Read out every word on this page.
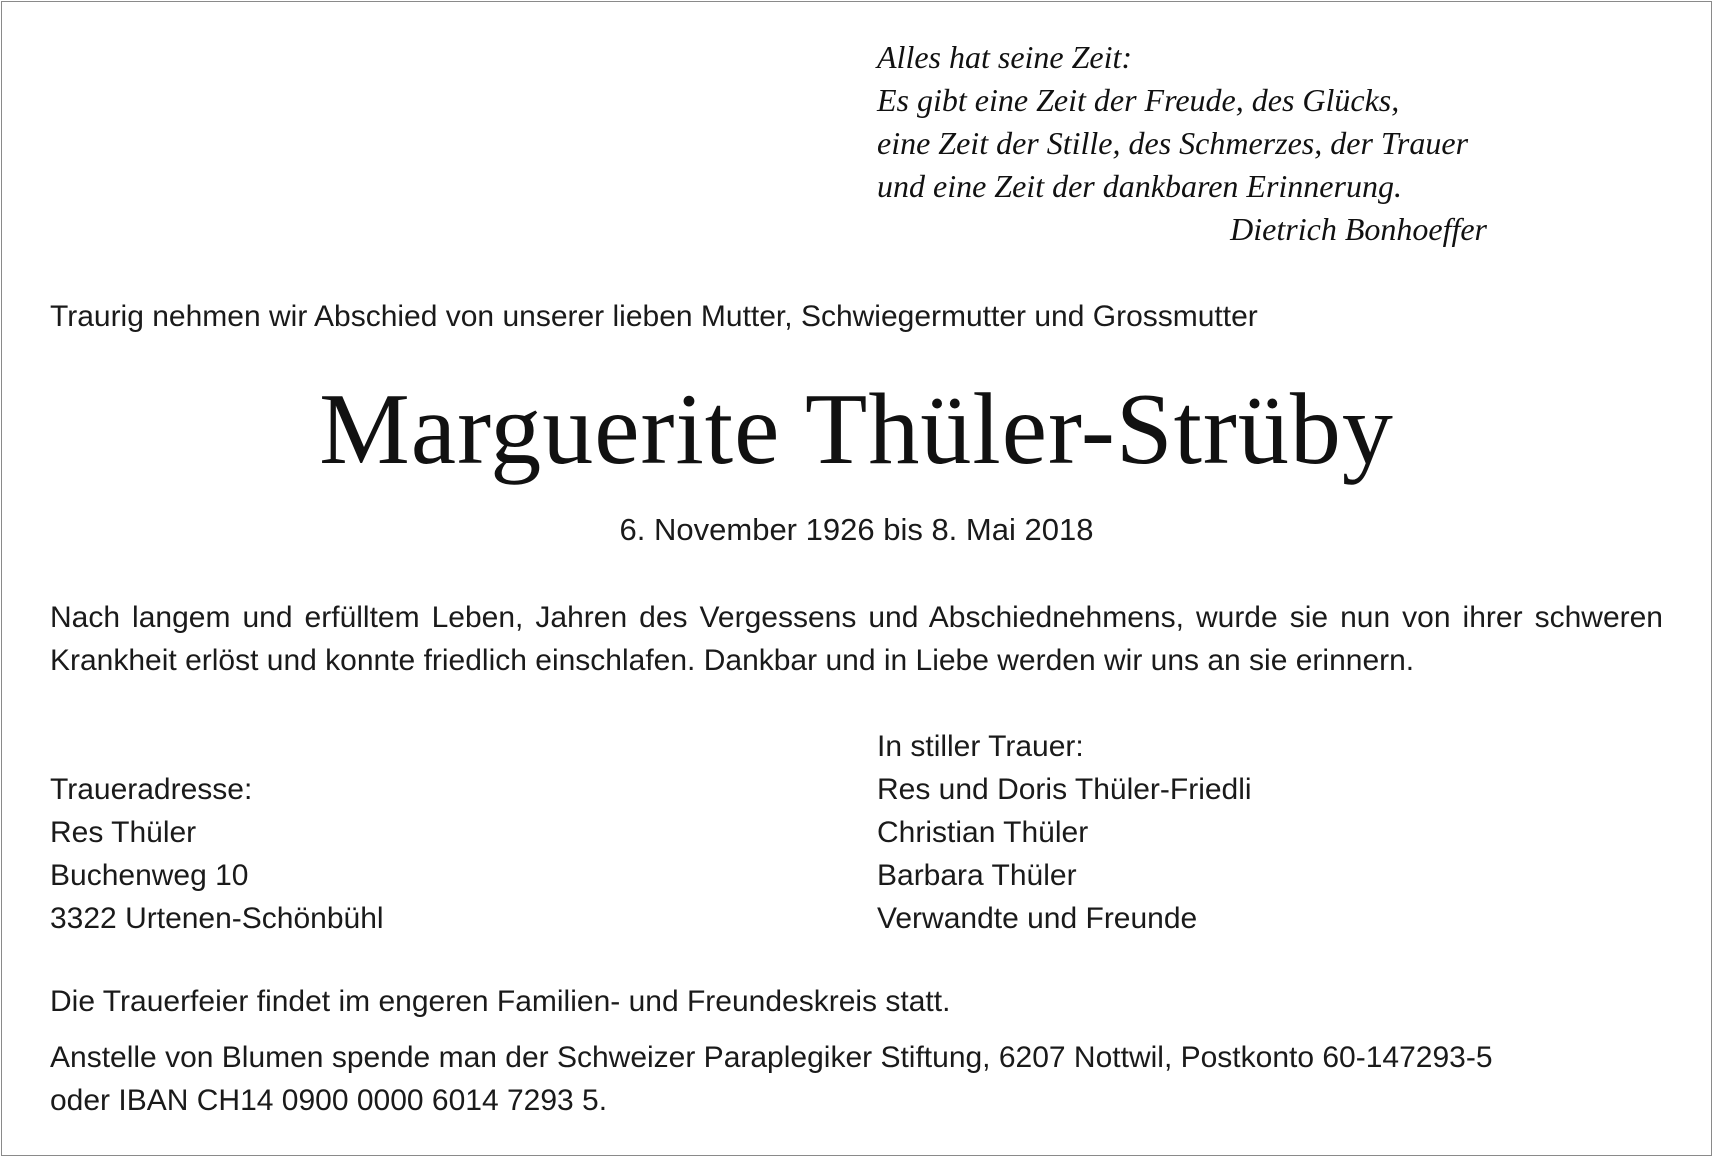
Alles hat seine Zeit:
Es gibt eine Zeit der Freude, des Glücks,
eine Zeit der Stille, des Schmerzes, der Trauer
und eine Zeit der dankbaren Erinnerung.
Dietrich Bonhoeffer
Traurig nehmen wir Abschied von unserer lieben Mutter, Schwiegermutter und Grossmutter
Marguerite Thüler-Strüby
6. November 1926 bis 8. Mai 2018
Nach langem und erfülltem Leben, Jahren des Vergessens und Abschiednehmens, wurde sie nun von ihrer schweren Krankheit erlöst und konnte friedlich einschlafen. Dankbar und in Liebe werden wir uns an sie erinnern.
In stiller Trauer:
Res und Doris Thüler-Friedli
Christian Thüler
Barbara Thüler
Verwandte und Freunde
Traueradresse:
Res Thüler
Buchenweg 10
3322 Urtenen-Schönbühl
Die Trauerfeier findet im engeren Familien- und Freundeskreis statt.
Anstelle von Blumen spende man der Schweizer Paraplegiker Stiftung, 6207 Nottwil, Postkonto 60-147293-5
oder IBAN CH14 0900 0000 6014 7293 5.
